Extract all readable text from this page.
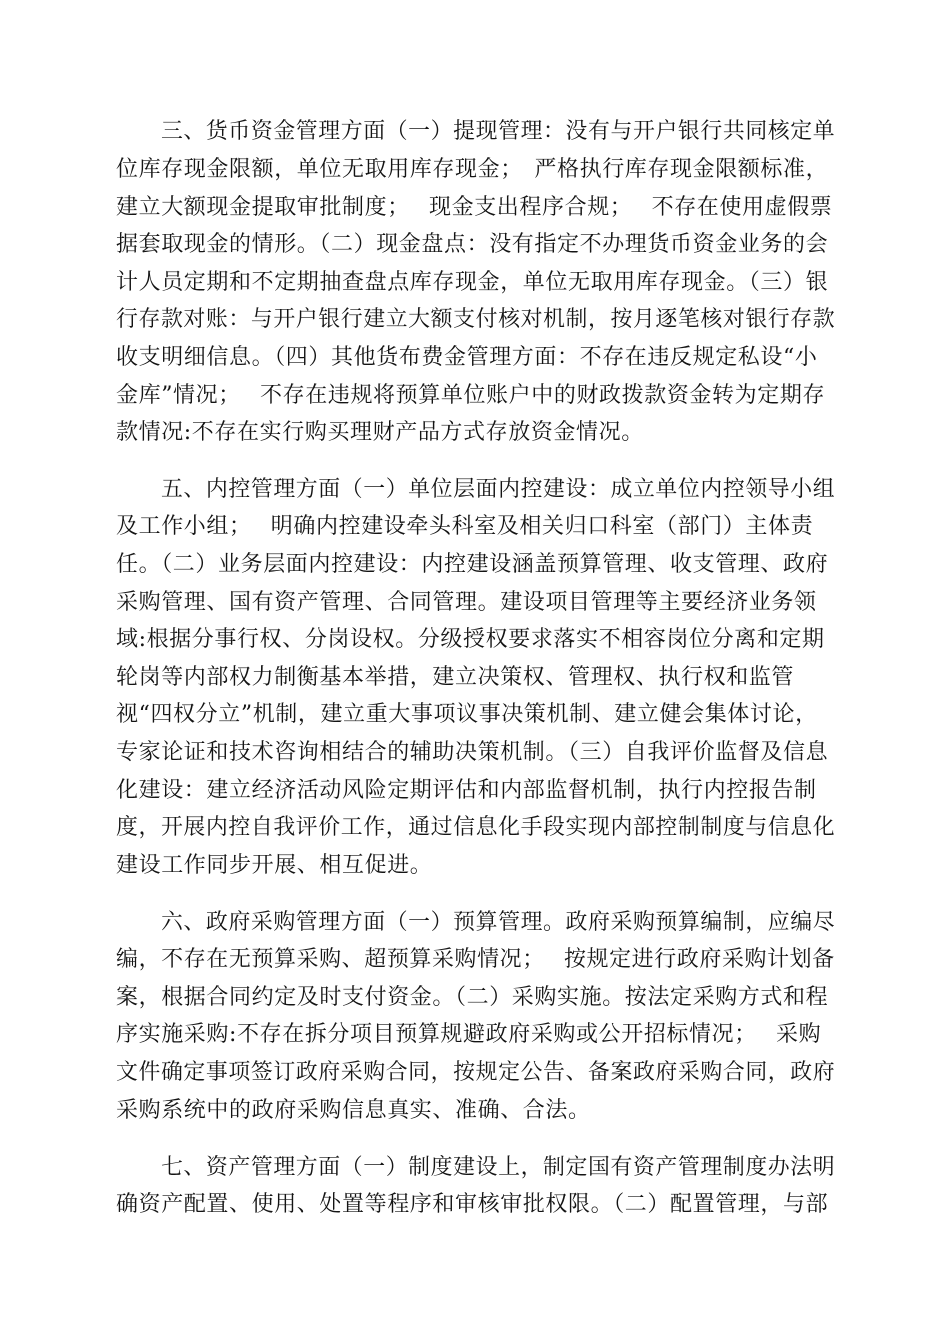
　　三、货币资金管理方面（一）提现管理：没有与开户银行共同核定单
位库存现金限额，单位无取用库存现金；　严格执行库存现金限额标准，
建立大额现金提取审批制度；　 现金支出程序合规；　 不存在使用虚假票
据套取现金的情形。（二）现金盘点：没有指定不办理货币资金业务的会
计人员定期和不定期抽查盘点库存现金，单位无取用库存现金。（三）银
行存款对账：与开户银行建立大额支付核对机制，按月逐笔核对银行存款
收支明细信息。（四）其他货布费金管理方面：不存在违反规定私设“小
金库”情况；　 不存在违规将预算单位账户中的财政拨款资金转为定期存
款情况:不存在实行购买理财产品方式存放资金情况。
　　五、内控管理方面（一）单位层面内控建设：成立单位内控领导小组
及工作小组；　 明确内控建设牵头科室及相关归口科室（部门）主体责
任。（二）业务层面内控建设：内控建设涵盖预算管理、收支管理、政府
采购管理、国有资产管理、合同管理。建设项目管理等主要经济业务领
域:根据分事行权、分岗设权。分级授权要求落实不相容岗位分离和定期
轮岗等内部权力制衡基本举措，建立决策权、管理权、执行权和监管
视“四权分立”机制，建立重大事项议事决策机制、建立健会集体讨论，
专家论证和技术咨询相结合的辅助决策机制。（三）自我评价监督及信息
化建设：建立经济活动风险定期评估和内部监督机制，执行内控报告制
度，开展内控自我评价工作，通过信息化手段实现内部控制制度与信息化
建设工作同步开展、相互促进。
　　六、政府采购管理方面（一）预算管理。政府采购预算编制，应编尽
编，不存在无预算采购、超预算采购情况；　 按规定进行政府采购计划备
案，根据合同约定及时支付资金。（二）采购实施。按法定采购方式和程
序实施采购:不存在拆分项目预算规避政府采购或公开招标情况；　 采购
文件确定事项签订政府采购合同，按规定公告、备案政府采购合同，政府
采购系统中的政府采购信息真实、准确、合法。
　　七、资产管理方面（一）制度建设上，制定国有资产管理制度办法明
确资产配置、使用、处置等程序和审核审批权限。（二）配置管理，与部
